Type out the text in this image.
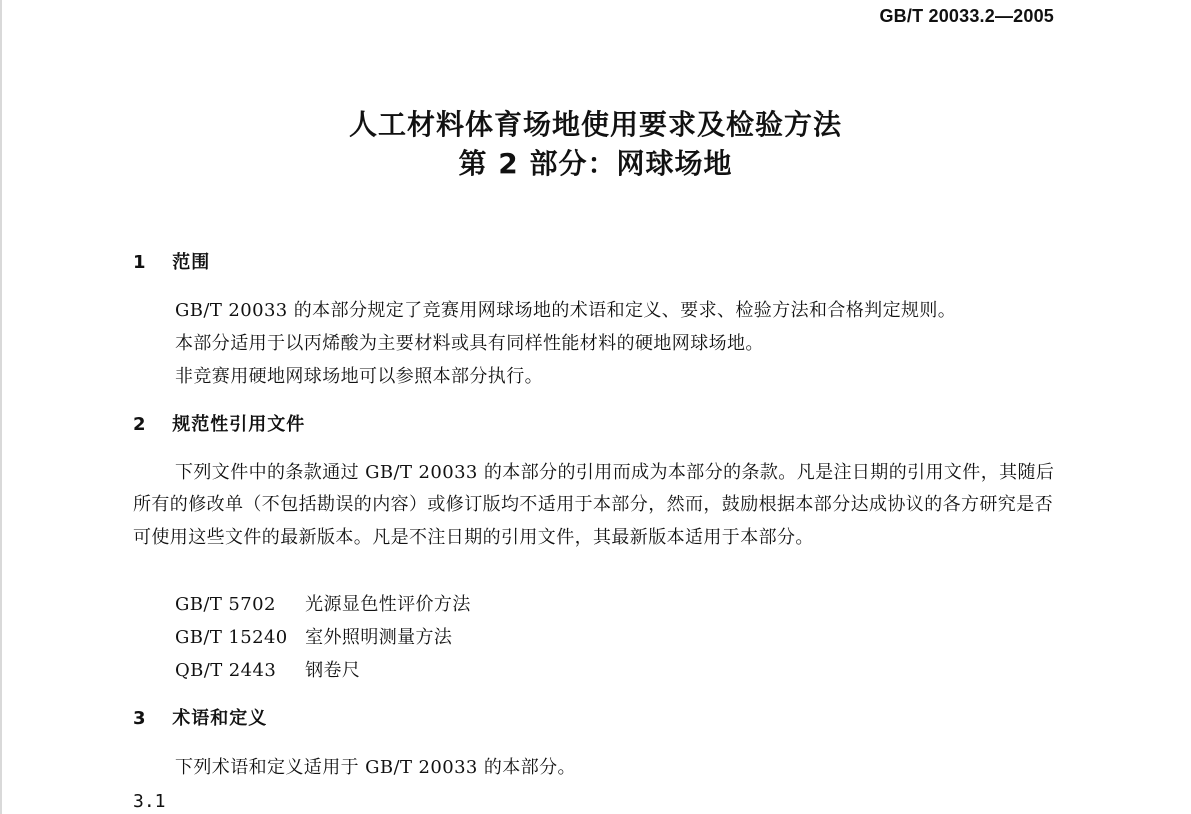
GB/T 20033.2—2005
人工材料体育场地使用要求及检验方法
第 2 部分：网球场地
1 范围
GB/T 20033 的本部分规定了竞赛用网球场地的术语和定义、要求、检验方法和合格判定规则。
本部分适用于以丙烯酸为主要材料或具有同样性能材料的硬地网球场地。
非竞赛用硬地网球场地可以参照本部分执行。
2 规范性引用文件
下列文件中的条款通过 GB/T 20033 的本部分的引用而成为本部分的条款。凡是注日期的引用文件，其随后所有的修改单（不包括勘误的内容）或修订版均不适用于本部分，然而，鼓励根据本部分达成协议的各方研究是否可使用这些文件的最新版本。凡是不注日期的引用文件，其最新版本适用于本部分。
GB/T 5702 光源显色性评价方法
GB/T 15240 室外照明测量方法
QB/T 2443 钢卷尺
3 术语和定义
下列术语和定义适用于 GB/T 20033 的本部分。
3.1
